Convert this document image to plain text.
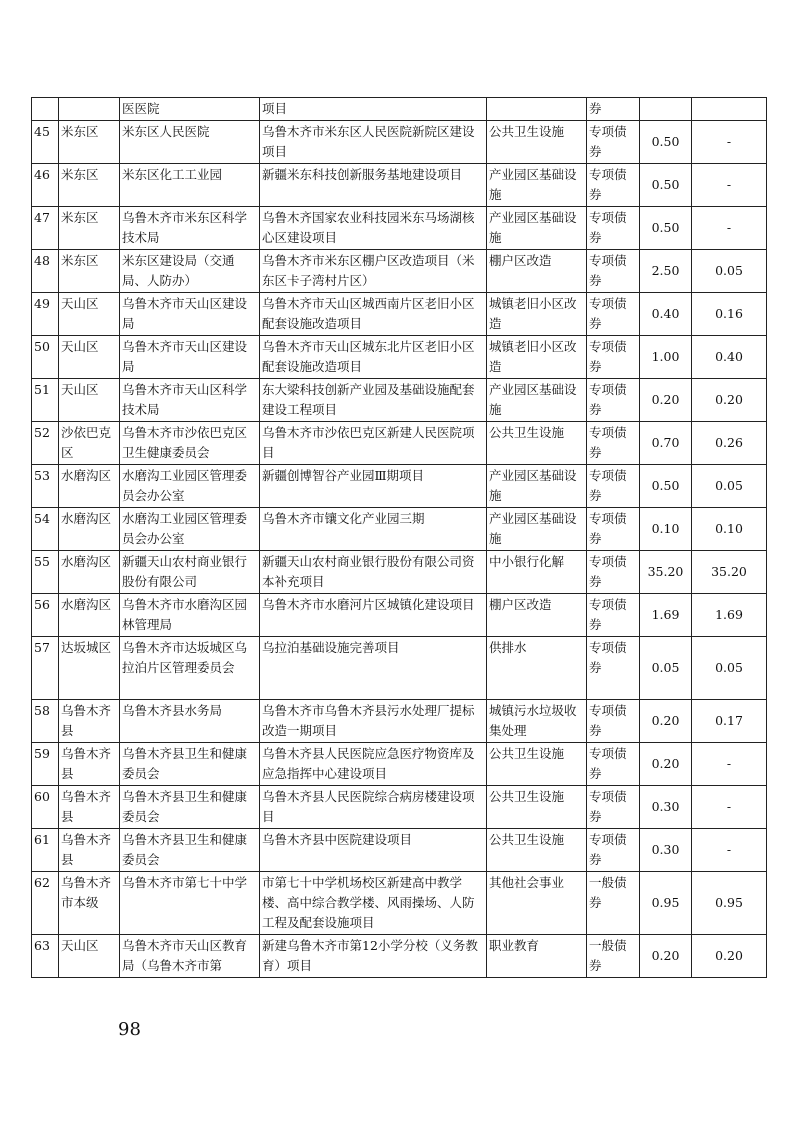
		医医院	项目		券		
45	米东区	米东区人民医院	乌鲁木齐市米东区人民医院新院区建设项目	公共卫生设施	专项债券	0.50	-
46	米东区	米东区化工工业园	新疆米东科技创新服务基地建设项目	产业园区基础设施	专项债券	0.50	-
47	米东区	乌鲁木齐市米东区科学技术局	乌鲁木齐国家农业科技园米东马场湖核心区建设项目	产业园区基础设施	专项债券	0.50	-
48	米东区	米东区建设局（交通局、人防办）	乌鲁木齐市米东区棚户区改造项目（米东区卡子湾村片区）	棚户区改造	专项债券	2.50	0.05
49	天山区	乌鲁木齐市天山区建设局	乌鲁木齐市天山区城西南片区老旧小区配套设施改造项目	城镇老旧小区改造	专项债券	0.40	0.16
50	天山区	乌鲁木齐市天山区建设局	乌鲁木齐市天山区城东北片区老旧小区配套设施改造项目	城镇老旧小区改造	专项债券	1.00	0.40
51	天山区	乌鲁木齐市天山区科学技术局	东大梁科技创新产业园及基础设施配套建设工程项目	产业园区基础设施	专项债券	0.20	0.20
52	沙依巴克区	乌鲁木齐市沙依巴克区卫生健康委员会	乌鲁木齐市沙依巴克区新建人民医院项目	公共卫生设施	专项债券	0.70	0.26
53	水磨沟区	水磨沟工业园区管理委员会办公室	新疆创博智谷产业园Ⅲ期项目	产业园区基础设施	专项债券	0.50	0.05
54	水磨沟区	水磨沟工业园区管理委员会办公室	乌鲁木齐市镶文化产业园三期	产业园区基础设施	专项债券	0.10	0.10
55	水磨沟区	新疆天山农村商业银行股份有限公司	新疆天山农村商业银行股份有限公司资本补充项目	中小银行化解	专项债券	35.20	35.20
56	水磨沟区	乌鲁木齐市水磨沟区园林管理局	乌鲁木齐市水磨河片区城镇化建设项目	棚户区改造	专项债券	1.69	1.69
57	达坂城区	乌鲁木齐市达坂城区乌拉泊片区管理委员会	乌拉泊基础设施完善项目	供排水	专项债券	0.05	0.05
58	乌鲁木齐县	乌鲁木齐县水务局	乌鲁木齐市乌鲁木齐县污水处理厂提标改造一期项目	城镇污水垃圾收集处理	专项债券	0.20	0.17
59	乌鲁木齐县	乌鲁木齐县卫生和健康委员会	乌鲁木齐县人民医院应急医疗物资库及应急指挥中心建设项目	公共卫生设施	专项债券	0.20	-
60	乌鲁木齐县	乌鲁木齐县卫生和健康委员会	乌鲁木齐县人民医院综合病房楼建设项目	公共卫生设施	专项债券	0.30	-
61	乌鲁木齐县	乌鲁木齐县卫生和健康委员会	乌鲁木齐县中医院建设项目	公共卫生设施	专项债券	0.30	-
62	乌鲁木齐市本级	乌鲁木齐市第七十中学	市第七十中学机场校区新建高中教学楼、高中综合教学楼、风雨操场、人防工程及配套设施项目	其他社会事业	一般债券	0.95	0.95
63	天山区	乌鲁木齐市天山区教育局（乌鲁木齐市第	新建乌鲁木齐市第12小学分校（义务教育）项目	职业教育	一般债券	0.20	0.20
98
